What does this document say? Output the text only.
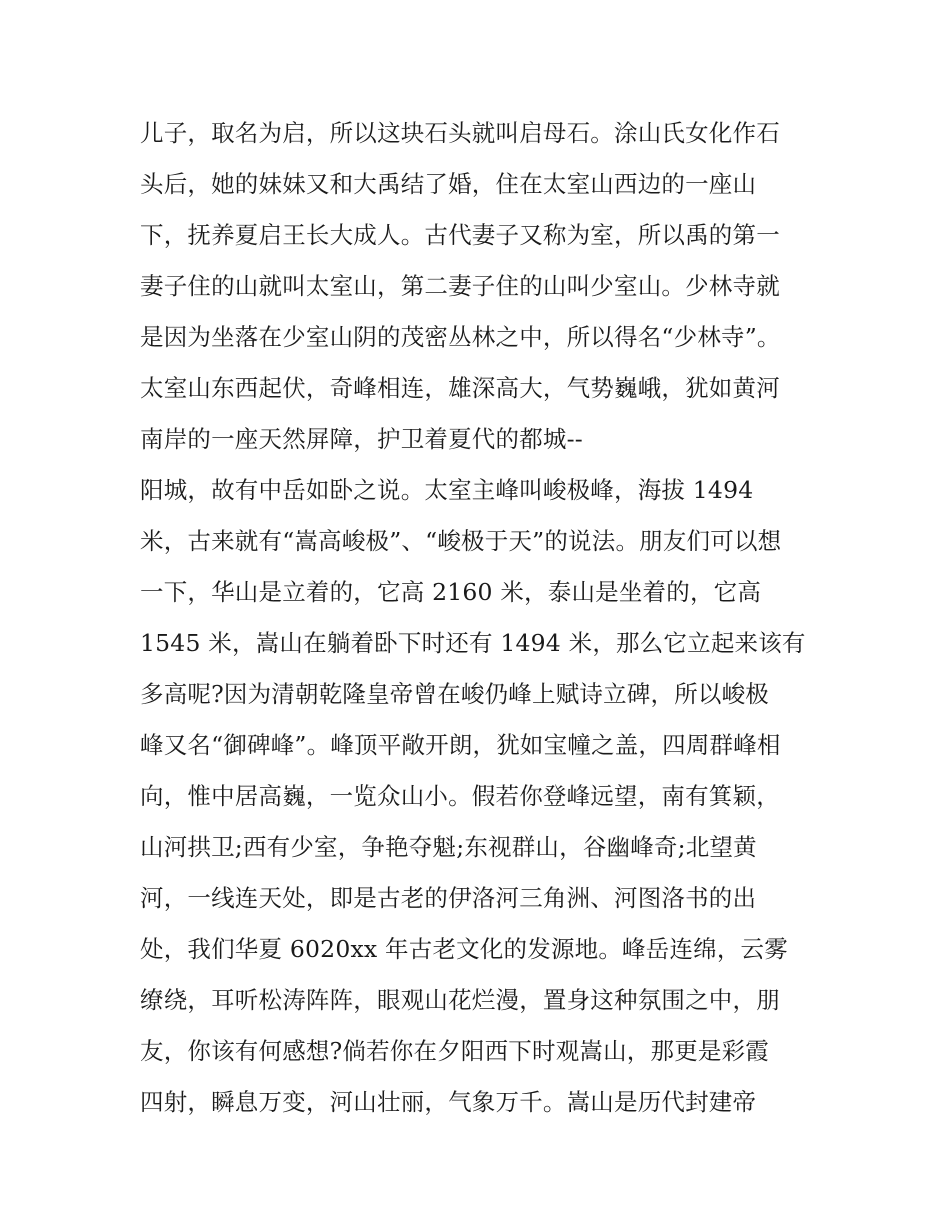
儿子，取名为启，所以这块石头就叫启母石。涂山氏女化作石
头后，她的妹妹又和大禹结了婚，住在太室山西边的一座山
下，抚养夏启王长大成人。古代妻子又称为室，所以禹的第一
妻子住的山就叫太室山，第二妻子住的山叫少室山。少林寺就
是因为坐落在少室山阴的茂密丛林之中，所以得名“少林寺”。
太室山东西起伏，奇峰相连，雄深高大，气势巍峨，犹如黄河
南岸的一座天然屏障，护卫着夏代的都城--
阳城，故有中岳如卧之说。太室主峰叫峻极峰，海拔 1494
米，古来就有“嵩高峻极”、“峻极于天”的说法。朋友们可以想
一下，华山是立着的，它高 2160 米，泰山是坐着的，它高
1545 米，嵩山在躺着卧下时还有 1494 米，那么它立起来该有
多高呢?因为清朝乾隆皇帝曾在峻仍峰上赋诗立碑，所以峻极
峰又名“御碑峰”。峰顶平敞开朗，犹如宝幢之盖，四周群峰相
向，惟中居高巍，一览众山小。假若你登峰远望，南有箕颖，
山河拱卫;西有少室，争艳夺魁;东视群山，谷幽峰奇;北望黄
河，一线连天处，即是古老的伊洛河三角洲、河图洛书的出
处，我们华夏 6020xx 年古老文化的发源地。峰岳连绵，云雾
缭绕，耳听松涛阵阵，眼观山花烂漫，置身这种氛围之中，朋
友，你该有何感想?倘若你在夕阳西下时观嵩山，那更是彩霞
四射，瞬息万变，河山壮丽，气象万千。嵩山是历代封建帝
